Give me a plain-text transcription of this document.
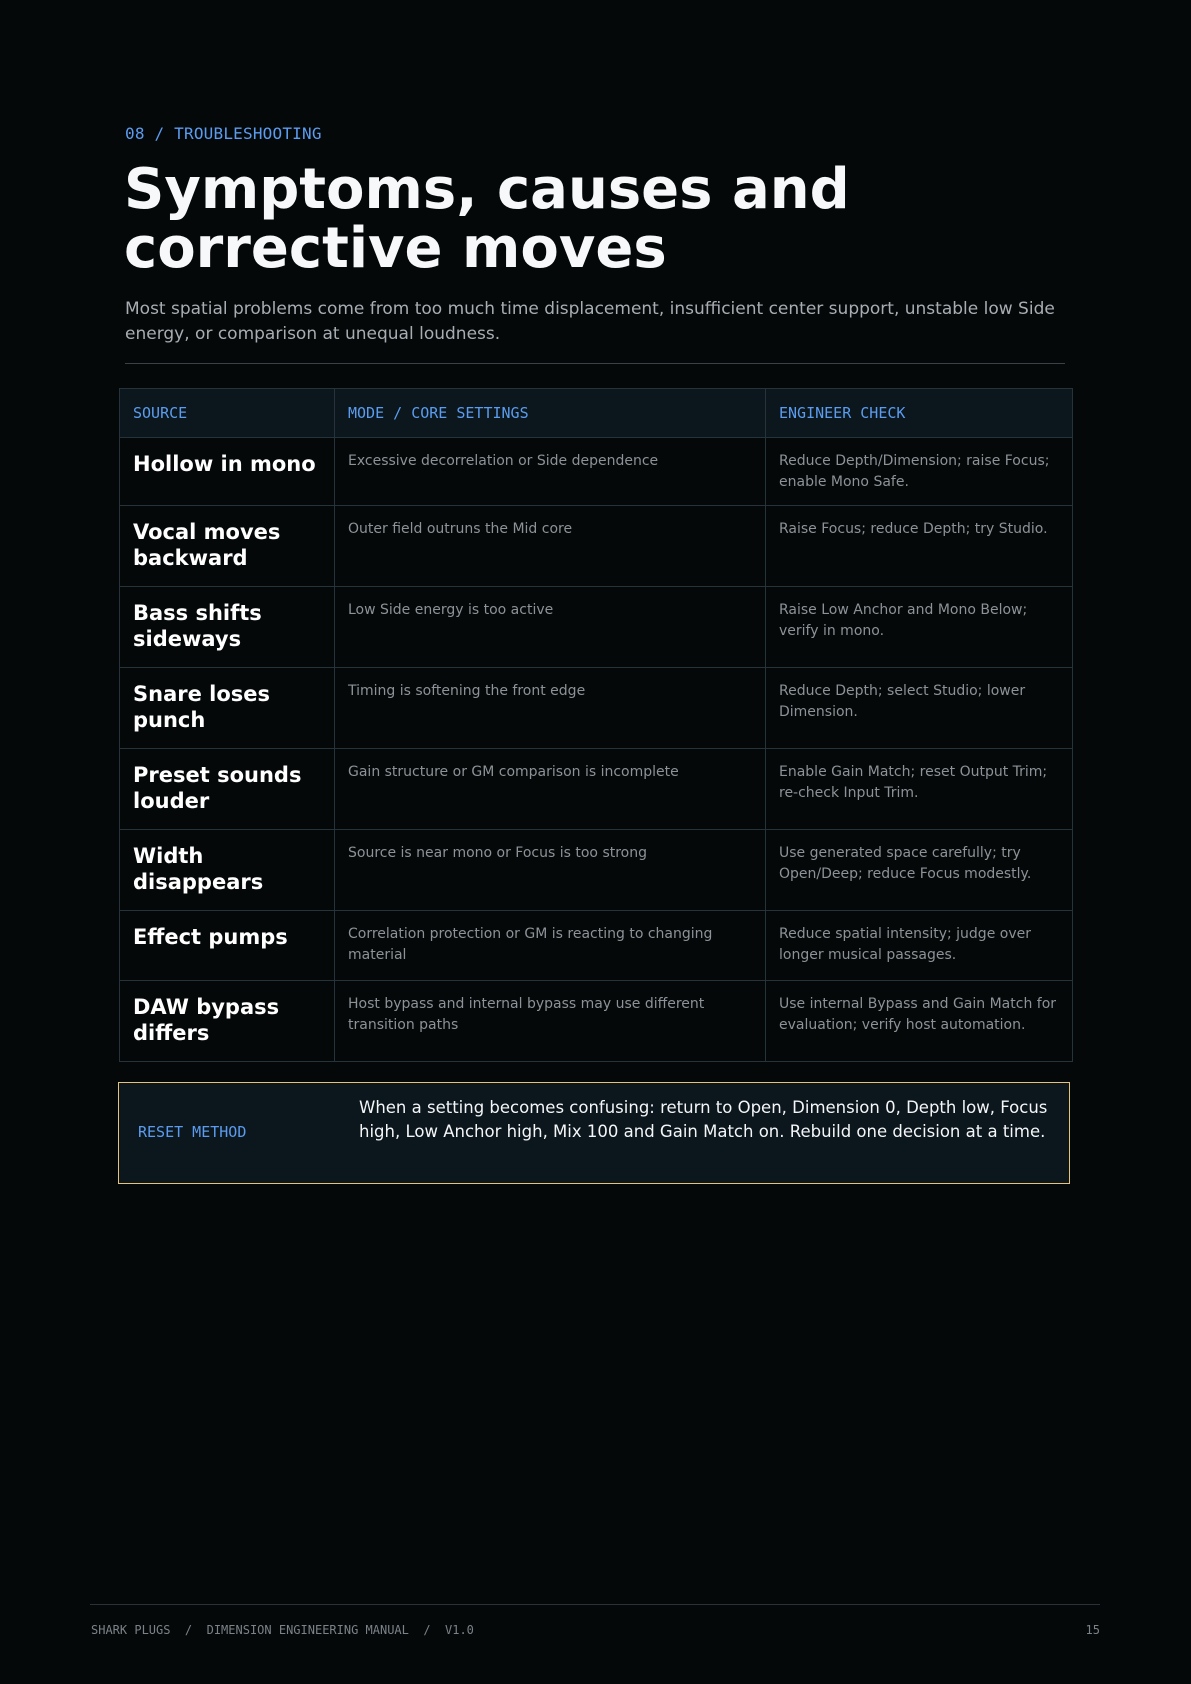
08 / TROUBLESHOOTING
Symptoms, causes and corrective moves

Most spatial problems come from too much time displacement, insufficient center support, unstable low Side energy, or comparison at unequal loudness.

SOURCE	MODE / CORE SETTINGS	ENGINEER CHECK
Hollow in mono	Excessive decorrelation or Side dependence	Reduce Depth/Dimension; raise Focus; enable Mono Safe.
Vocal moves backward	Outer field outruns the Mid core	Raise Focus; reduce Depth; try Studio.
Bass shifts sideways	Low Side energy is too active	Raise Low Anchor and Mono Below; verify in mono.
Snare loses punch	Timing is softening the front edge	Reduce Depth; select Studio; lower Dimension.
Preset sounds louder	Gain structure or GM comparison is incomplete	Enable Gain Match; reset Output Trim; re-check Input Trim.
Width disappears	Source is near mono or Focus is too strong	Use generated space carefully; try Open/Deep; reduce Focus modestly.
Effect pumps	Correlation protection or GM is reacting to changing material	Reduce spatial intensity; judge over longer musical passages.
DAW bypass differs	Host bypass and internal bypass may use different transition paths	Use internal Bypass and Gain Match for evaluation; verify host automation.
RESET METHOD

When a setting becomes confusing: return to Open, Dimension 0, Depth low, Focus high, Low Anchor high, Mix 100 and Gain Match on. Rebuild one decision at a time.

SHARK PLUGS  /  DIMENSION ENGINEERING MANUAL  /  V1.0	15
